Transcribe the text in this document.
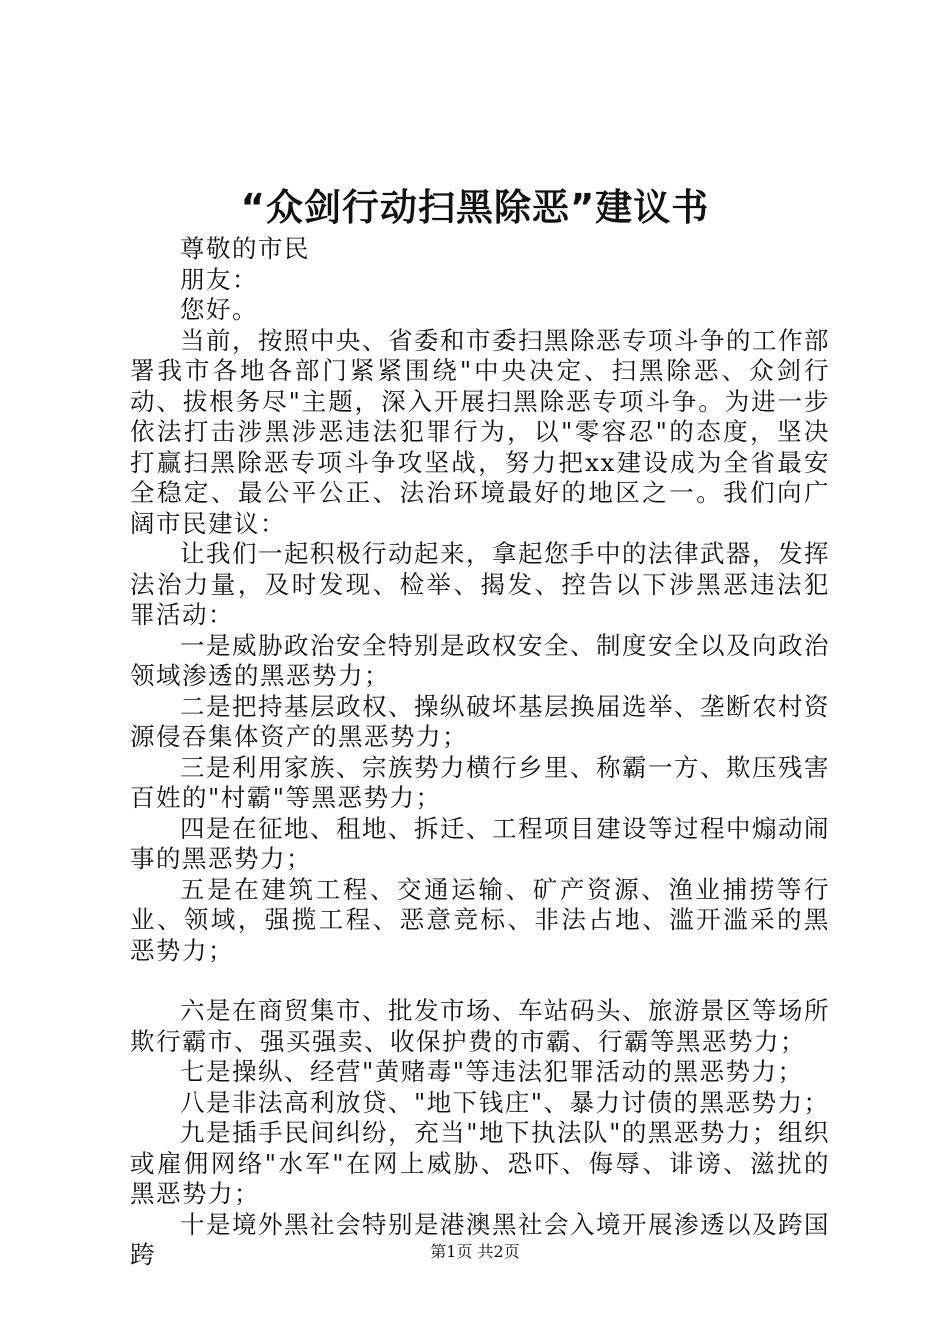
“众剑行动扫黑除恶”建议书

尊敬的市民

朋友：

您好。

当前，按照中央、省委和市委扫黑除恶专项斗争的工作部署我市各地各部门紧紧围绕"中央决定、扫黑除恶、众剑行动、拔根务尽"主题，深入开展扫黑除恶专项斗争。为进一步依法打击涉黑涉恶违法犯罪行为，以"零容忍"的态度，坚决打赢扫黑除恶专项斗争攻坚战，努力把xx建设成为全省最安全稳定、最公平公正、法治环境最好的地区之一。我们向广阔市民建议：

让我们一起积极行动起来，拿起您手中的法律武器，发挥法治力量，及时发现、检举、揭发、控告以下涉黑恶违法犯罪活动：

一是威胁政治安全特别是政权安全、制度安全以及向政治领域渗透的黑恶势力；

二是把持基层政权、操纵破坏基层换届选举、垄断农村资源侵吞集体资产的黑恶势力；

三是利用家族、宗族势力横行乡里、称霸一方、欺压残害百姓的"村霸"等黑恶势力；

四是在征地、租地、拆迁、工程项目建设等过程中煽动闹事的黑恶势力；

五是在建筑工程、交通运输、矿产资源、渔业捕捞等行业、领域，强揽工程、恶意竞标、非法占地、滥开滥采的黑恶势力；

六是在商贸集市、批发市场、车站码头、旅游景区等场所欺行霸市、强买强卖、收保护费的市霸、行霸等黑恶势力；

七是操纵、经营"黄赌毒"等违法犯罪活动的黑恶势力；

八是非法高利放贷、"地下钱庄"、暴力讨债的黑恶势力；

九是插手民间纠纷，充当"地下执法队"的黑恶势力；组织或雇佣网络"水军"在网上威胁、恐吓、侮辱、诽谤、滋扰的黑恶势力；

十是境外黑社会特别是港澳黑社会入境开展渗透以及跨国跨	第1页 共2页
